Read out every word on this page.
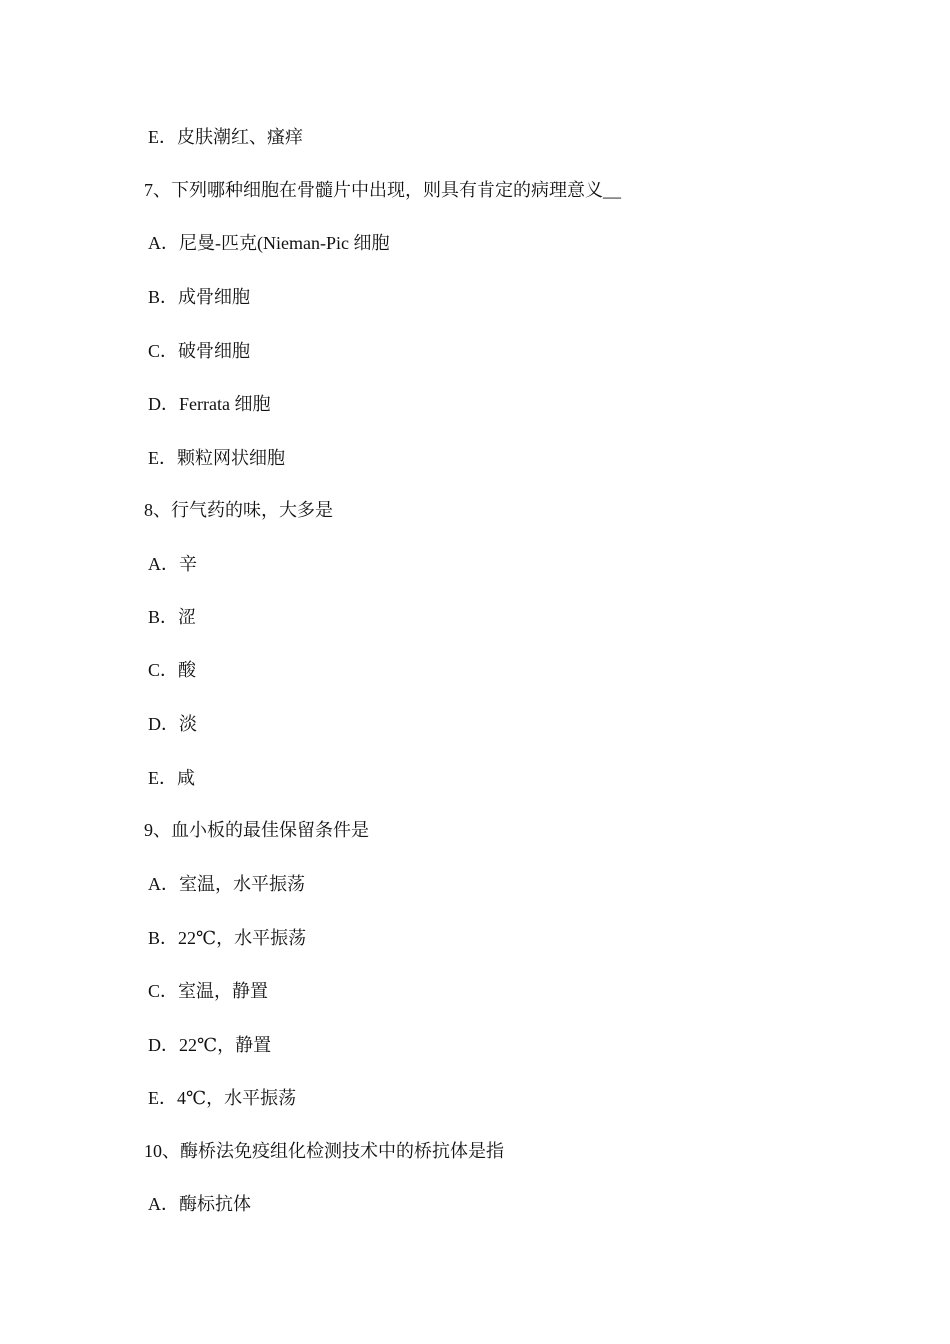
E．皮肤潮红、瘙痒
7、下列哪种细胞在骨髓片中出现，则具有肯定的病理意义__
A．尼曼-匹克(Nieman-Pic 细胞
B．成骨细胞
C．破骨细胞
D．Ferrata 细胞
E．颗粒网状细胞
8、行气药的味，大多是
A．辛
B．涩
C．酸
D．淡
E．咸
9、血小板的最佳保留条件是
A．室温，水平振荡
B．22℃，水平振荡
C．室温，静置
D．22℃，静置
E．4℃，水平振荡
10、酶桥法免疫组化检测技术中的桥抗体是指
A．酶标抗体
